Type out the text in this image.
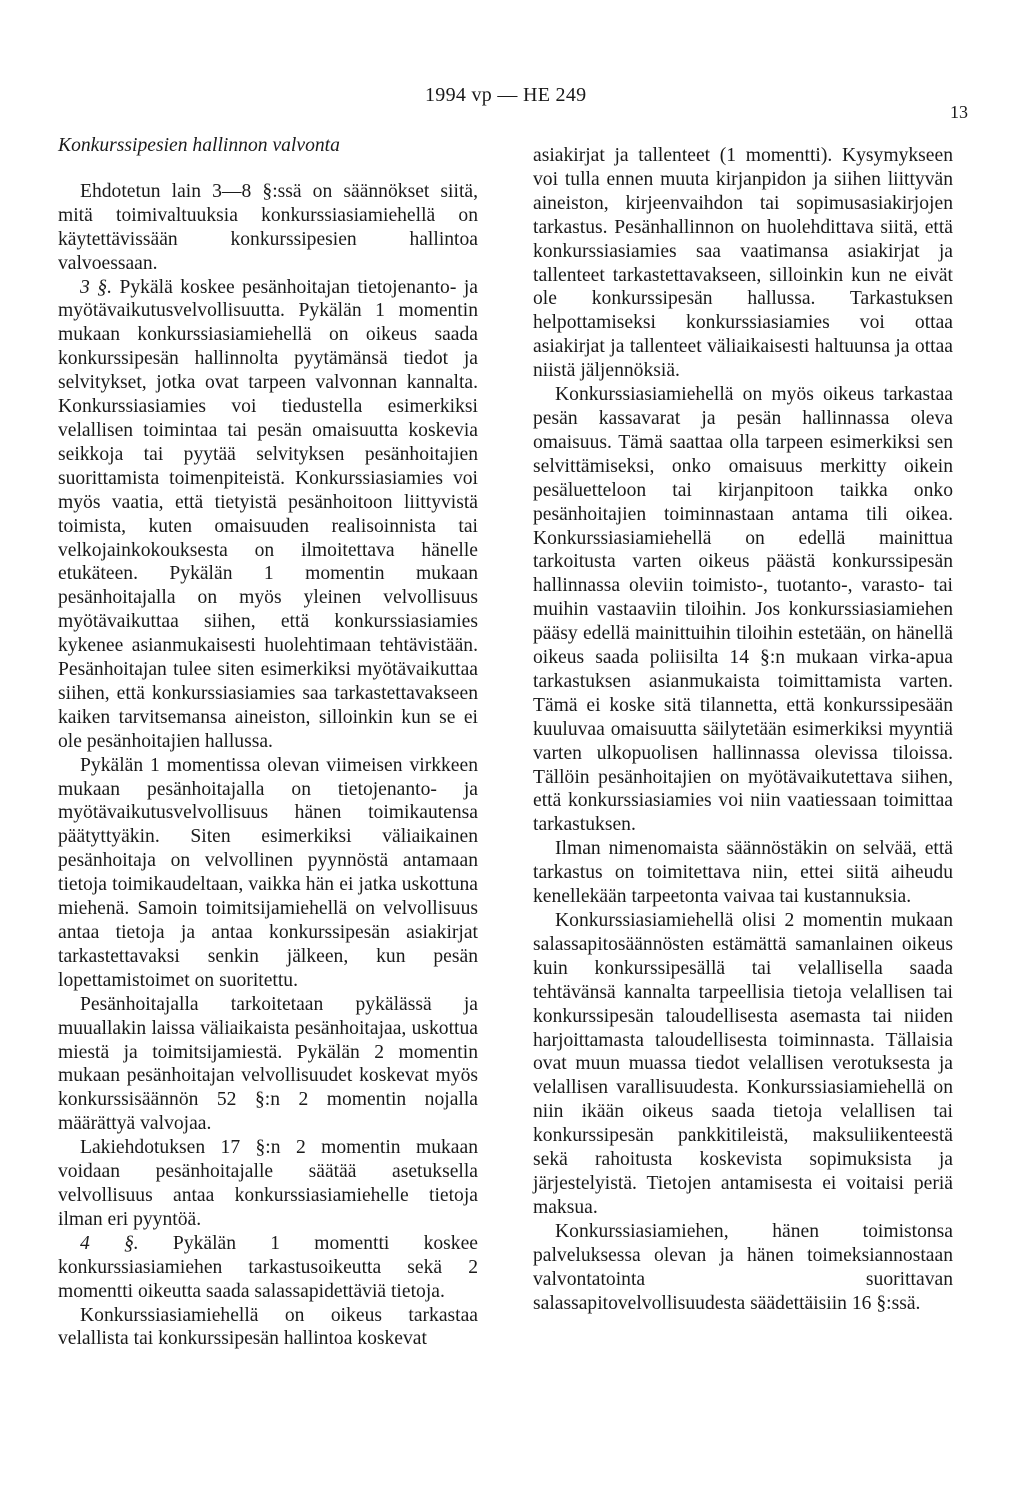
1994 vp — HE 249
13

Konkurssipesien hallinnon valvonta

Ehdotetun lain 3—8 §:ssä on säännökset siitä, mitä toimivaltuuksia konkurssiasiamiehellä on käytettävissään konkurssipesien hallintoa valvoessaan.

3 §. Pykälä koskee pesänhoitajan tietojenanto- ja myötävaikutusvelvollisuutta. Pykälän 1 momentin mukaan konkurssiasiamiehellä on oikeus saada konkurssipesän hallinnolta pyytämänsä tiedot ja selvitykset, jotka ovat tarpeen valvonnan kannalta. Konkurssiasiamies voi tiedustella esimerkiksi velallisen toimintaa tai pesän omaisuutta koskevia seikkoja tai pyytää selvityksen pesänhoitajien suorittamista toimenpiteistä. Konkurssiasiamies voi myös vaatia, että tietyistä pesänhoitoon liittyvistä toimista, kuten omaisuuden realisoinnista tai velkojainkokouksesta on ilmoitettava hänelle etukäteen. Pykälän 1 momentin mukaan pesänhoitajalla on myös yleinen velvollisuus myötävaikuttaa siihen, että konkurssiasiamies kykenee asianmukaisesti huolehtimaan tehtävistään. Pesänhoitajan tulee siten esimerkiksi myötävaikuttaa siihen, että konkurssiasiamies saa tarkastettavakseen kaiken tarvitsemansa aineiston, silloinkin kun se ei ole pesänhoitajien hallussa.

Pykälän 1 momentissa olevan viimeisen virkkeen mukaan pesänhoitajalla on tietojenanto- ja myötävaikutusvelvollisuus hänen toimikautensa päätyttyäkin. Siten esimerkiksi väliaikainen pesänhoitaja on velvollinen pyynnöstä antamaan tietoja toimikaudeltaan, vaikka hän ei jatka uskottuna miehenä. Samoin toimitsijamiehellä on velvollisuus antaa tietoja ja antaa konkurssipesän asiakirjat tarkastettavaksi senkin jälkeen, kun pesän lopettamistoimet on suoritettu.

Pesänhoitajalla tarkoitetaan pykälässä ja muuallakin laissa väliaikaista pesänhoitajaa, uskottua miestä ja toimitsijamiestä. Pykälän 2 momentin mukaan pesänhoitajan velvollisuudet koskevat myös konkurssisäännön 52 §:n 2 momentin nojalla määrättyä valvojaa.

Lakiehdotuksen 17 §:n 2 momentin mukaan voidaan pesänhoitajalle säätää asetuksella velvollisuus antaa konkurssiasiamiehelle tietoja ilman eri pyyntöä.

4 §. Pykälän 1 momentti koskee konkurssiasiamiehen tarkastusoikeutta sekä 2 momentti oikeutta saada salassapidettäviä tietoja.

Konkurssiasiamiehellä on oikeus tarkastaa velallista tai konkurssipesän hallintoa koskevat

asiakirjat ja tallenteet (1 momentti). Kysymykseen voi tulla ennen muuta kirjanpidon ja siihen liittyvän aineiston, kirjeenvaihdon tai sopimusasiakirjojen tarkastus. Pesänhallinnon on huolehdittava siitä, että konkurssiasiamies saa vaatimansa asiakirjat ja tallenteet tarkastettavakseen, silloinkin kun ne eivät ole konkurssipesän hallussa. Tarkastuksen helpottamiseksi konkurssiasiamies voi ottaa asiakirjat ja tallenteet väliaikaisesti haltuunsa ja ottaa niistä jäljennöksiä.

Konkurssiasiamiehellä on myös oikeus tarkastaa pesän kassavarat ja pesän hallinnassa oleva omaisuus. Tämä saattaa olla tarpeen esimerkiksi sen selvittämiseksi, onko omaisuus merkitty oikein pesäluetteloon tai kirjanpitoon taikka onko pesänhoitajien toiminnastaan antama tili oikea. Konkurssiasiamiehellä on edellä mainittua tarkoitusta varten oikeus päästä konkurssipesän hallinnassa oleviin toimisto-, tuotanto-, varasto- tai muihin vastaaviin tiloihin. Jos konkurssiasiamiehen pääsy edellä mainittuihin tiloihin estetään, on hänellä oikeus saada poliisilta 14 §:n mukaan virka-apua tarkastuksen asianmukaista toimittamista varten. Tämä ei koske sitä tilannetta, että konkurssipesään kuuluvaa omaisuutta säilytetään esimerkiksi myyntiä varten ulkopuolisen hallinnassa olevissa tiloissa. Tällöin pesänhoitajien on myötävaikutettava siihen, että konkurssiasiamies voi niin vaatiessaan toimittaa tarkastuksen.

Ilman nimenomaista säännöstäkin on selvää, että tarkastus on toimitettava niin, ettei siitä aiheudu kenellekään tarpeetonta vaivaa tai kustannuksia.

Konkurssiasiamiehellä olisi 2 momentin mukaan salassapitosäännösten estämättä samanlainen oikeus kuin konkurssipesällä tai velallisella saada tehtävänsä kannalta tarpeellisia tietoja velallisen tai konkurssipesän taloudellisesta asemasta tai niiden harjoittamasta taloudellisesta toiminnasta. Tällaisia ovat muun muassa tiedot velallisen verotuksesta ja velallisen varallisuudesta. Konkurssiasiamiehellä on niin ikään oikeus saada tietoja velallisen tai konkurssipesän pankkitileistä, maksuliikenteestä sekä rahoitusta koskevista sopimuksista ja järjestelyistä. Tietojen antamisesta ei voitaisi periä maksua.

Konkurssiasiamiehen, hänen toimistonsa palveluksessa olevan ja hänen toimeksiannostaan valvontatointa suorittavan salassapitovelvollisuudesta säädettäisiin 16 §:ssä.
